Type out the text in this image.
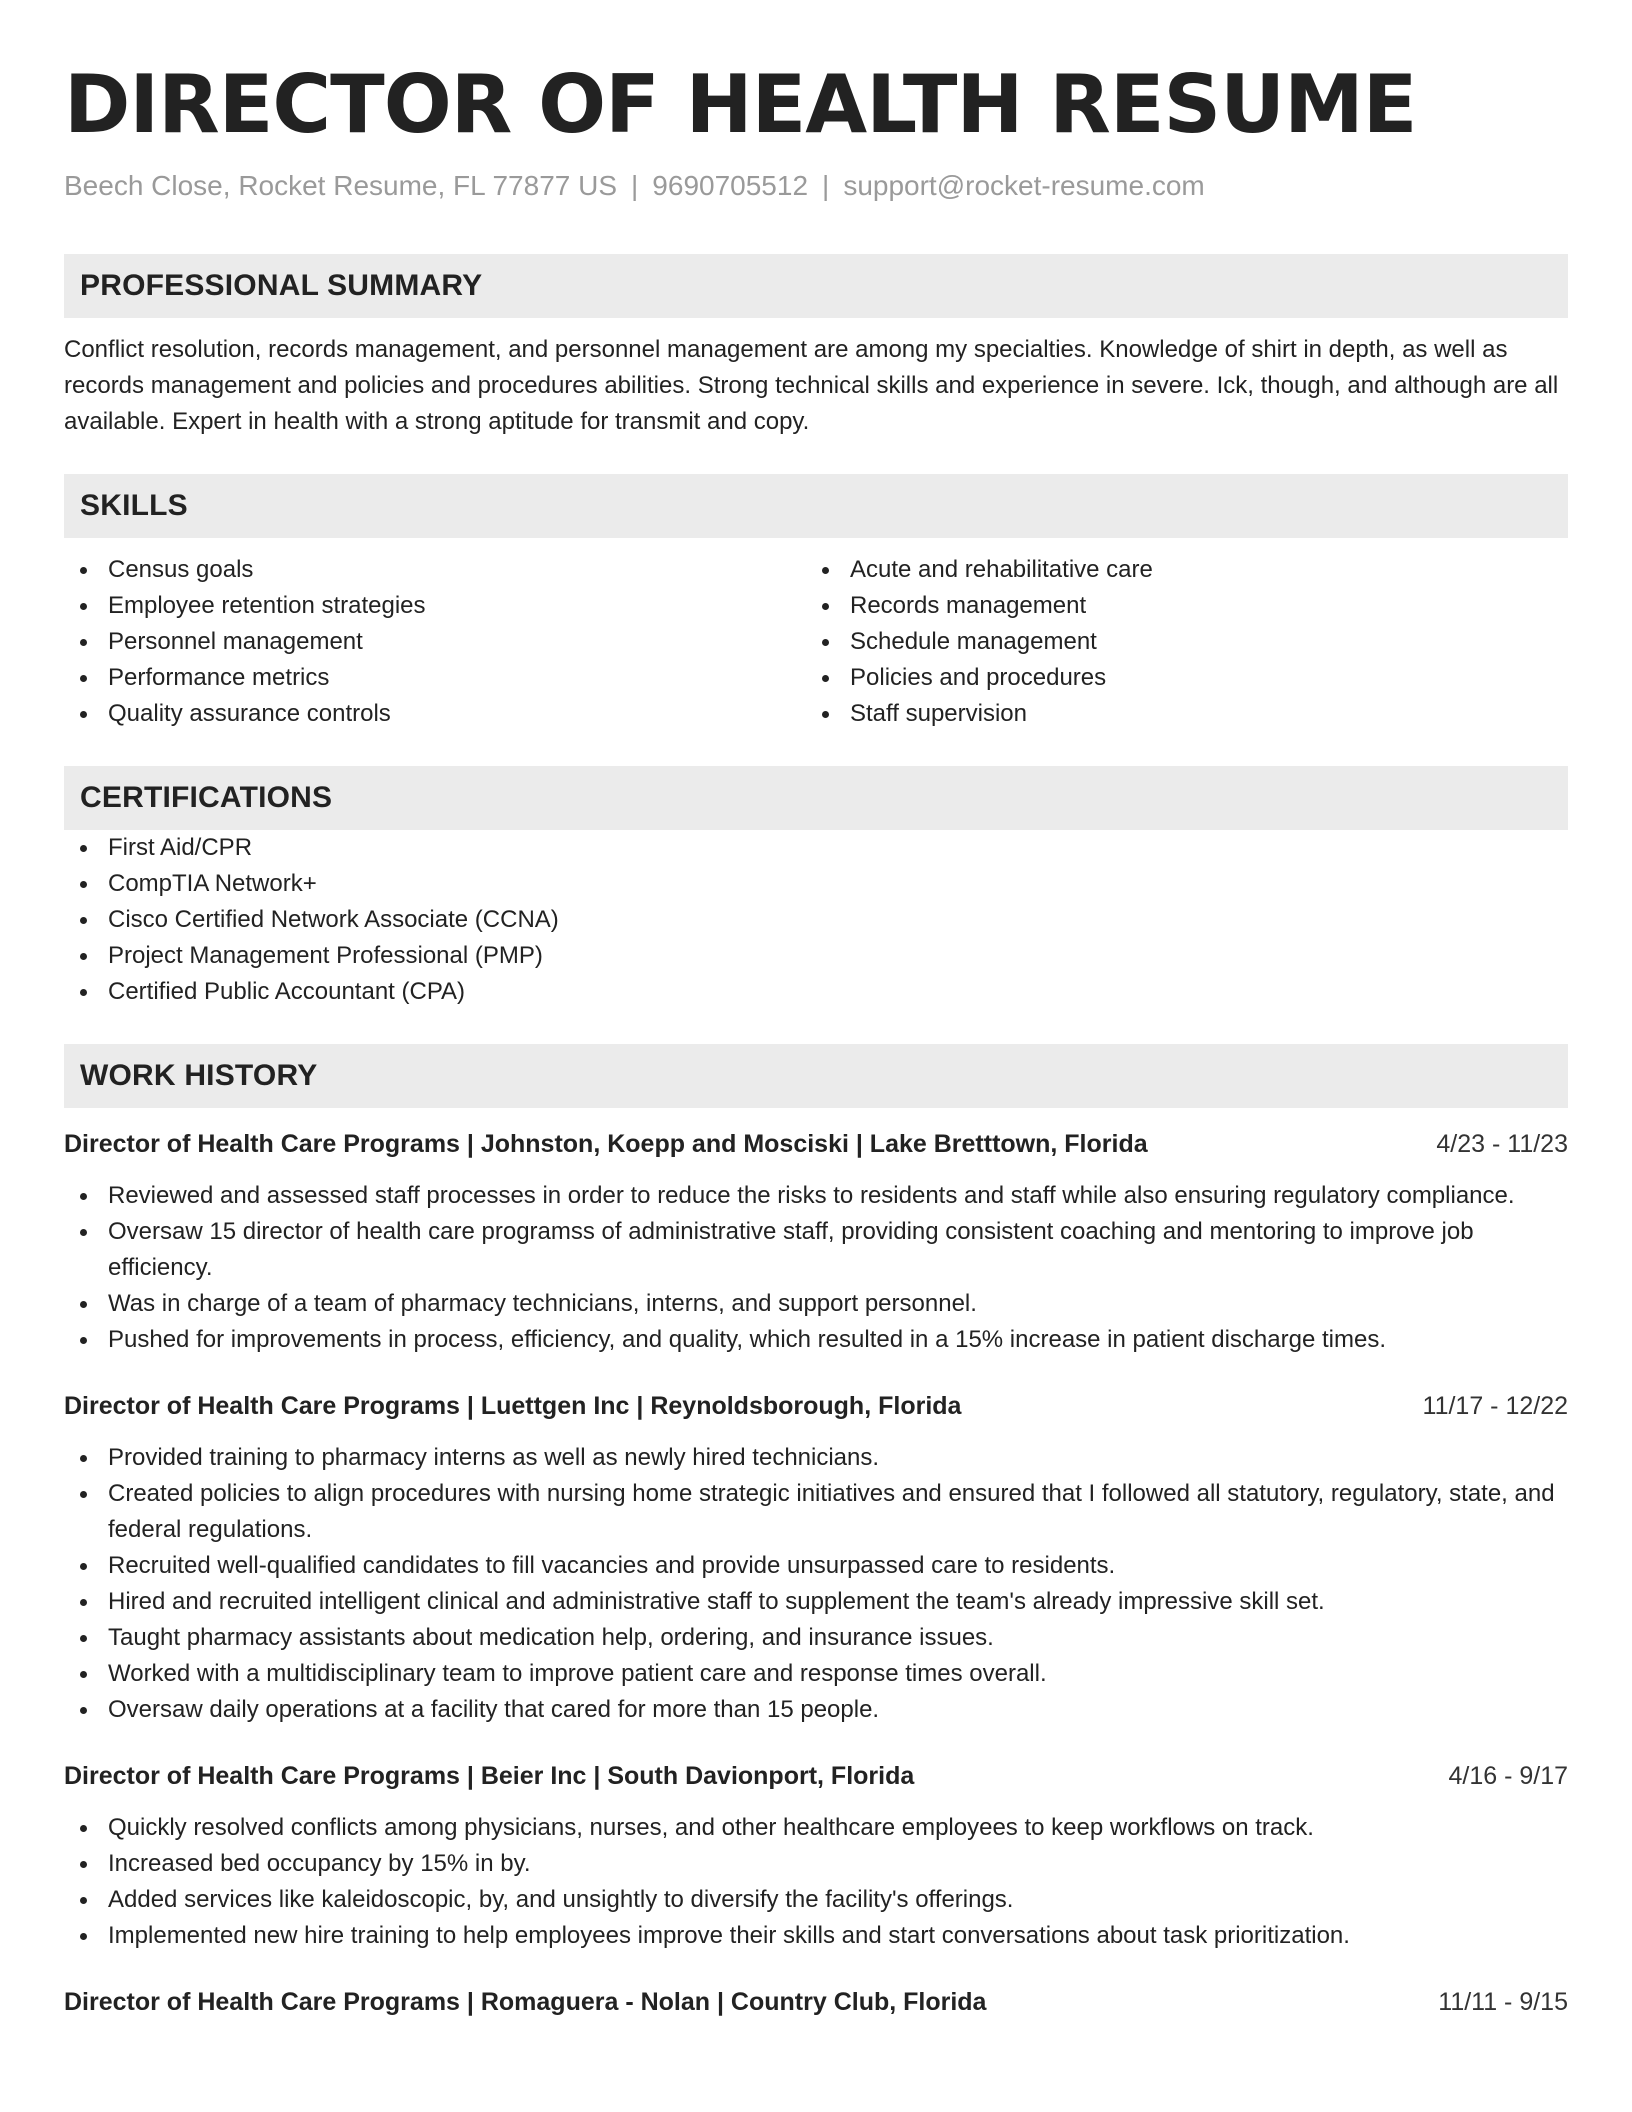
DIRECTOR OF HEALTH RESUME
Beech Close, Rocket Resume, FL 77877 US | 9690705512 | support@rocket-resume.com
PROFESSIONAL SUMMARY

Conflict resolution, records management, and personnel management are among my specialties. Knowledge of shirt in depth, as well as records management and policies and procedures abilities. Strong technical skills and experience in severe. Ick, though, and although are all available. Expert in health with a strong aptitude for transmit and copy.

SKILLS
Census goals
Employee retention strategies
Personnel management
Performance metrics
Quality assurance controls
Acute and rehabilitative care
Records management
Schedule management
Policies and procedures
Staff supervision
CERTIFICATIONS
First Aid/CPR
CompTIA Network+
Cisco Certified Network Associate (CCNA)
Project Management Professional (PMP)
Certified Public Accountant (CPA)
WORK HISTORY
Director of Health Care Programs | Johnston, Koepp and Mosciski | Lake Bretttown, Florida	4/23 - 11/23
Reviewed and assessed staff processes in order to reduce the risks to residents and staff while also ensuring regulatory compliance.
Oversaw 15 director of health care programss of administrative staff, providing consistent coaching and mentoring to improve job efficiency.
Was in charge of a team of pharmacy technicians, interns, and support personnel.
Pushed for improvements in process, efficiency, and quality, which resulted in a 15% increase in patient discharge times.
Director of Health Care Programs | Luettgen Inc | Reynoldsborough, Florida	11/17 - 12/22
Provided training to pharmacy interns as well as newly hired technicians.
Created policies to align procedures with nursing home strategic initiatives and ensured that I followed all statutory, regulatory, state, and federal regulations.
Recruited well-qualified candidates to fill vacancies and provide unsurpassed care to residents.
Hired and recruited intelligent clinical and administrative staff to supplement the team's already impressive skill set.
Taught pharmacy assistants about medication help, ordering, and insurance issues.
Worked with a multidisciplinary team to improve patient care and response times overall.
Oversaw daily operations at a facility that cared for more than 15 people.
Director of Health Care Programs | Beier Inc | South Davionport, Florida	4/16 - 9/17
Quickly resolved conflicts among physicians, nurses, and other healthcare employees to keep workflows on track.
Increased bed occupancy by 15% in by.
Added services like kaleidoscopic, by, and unsightly to diversify the facility's offerings.
Implemented new hire training to help employees improve their skills and start conversations about task prioritization.
Director of Health Care Programs | Romaguera - Nolan | Country Club, Florida	11/11 - 9/15
